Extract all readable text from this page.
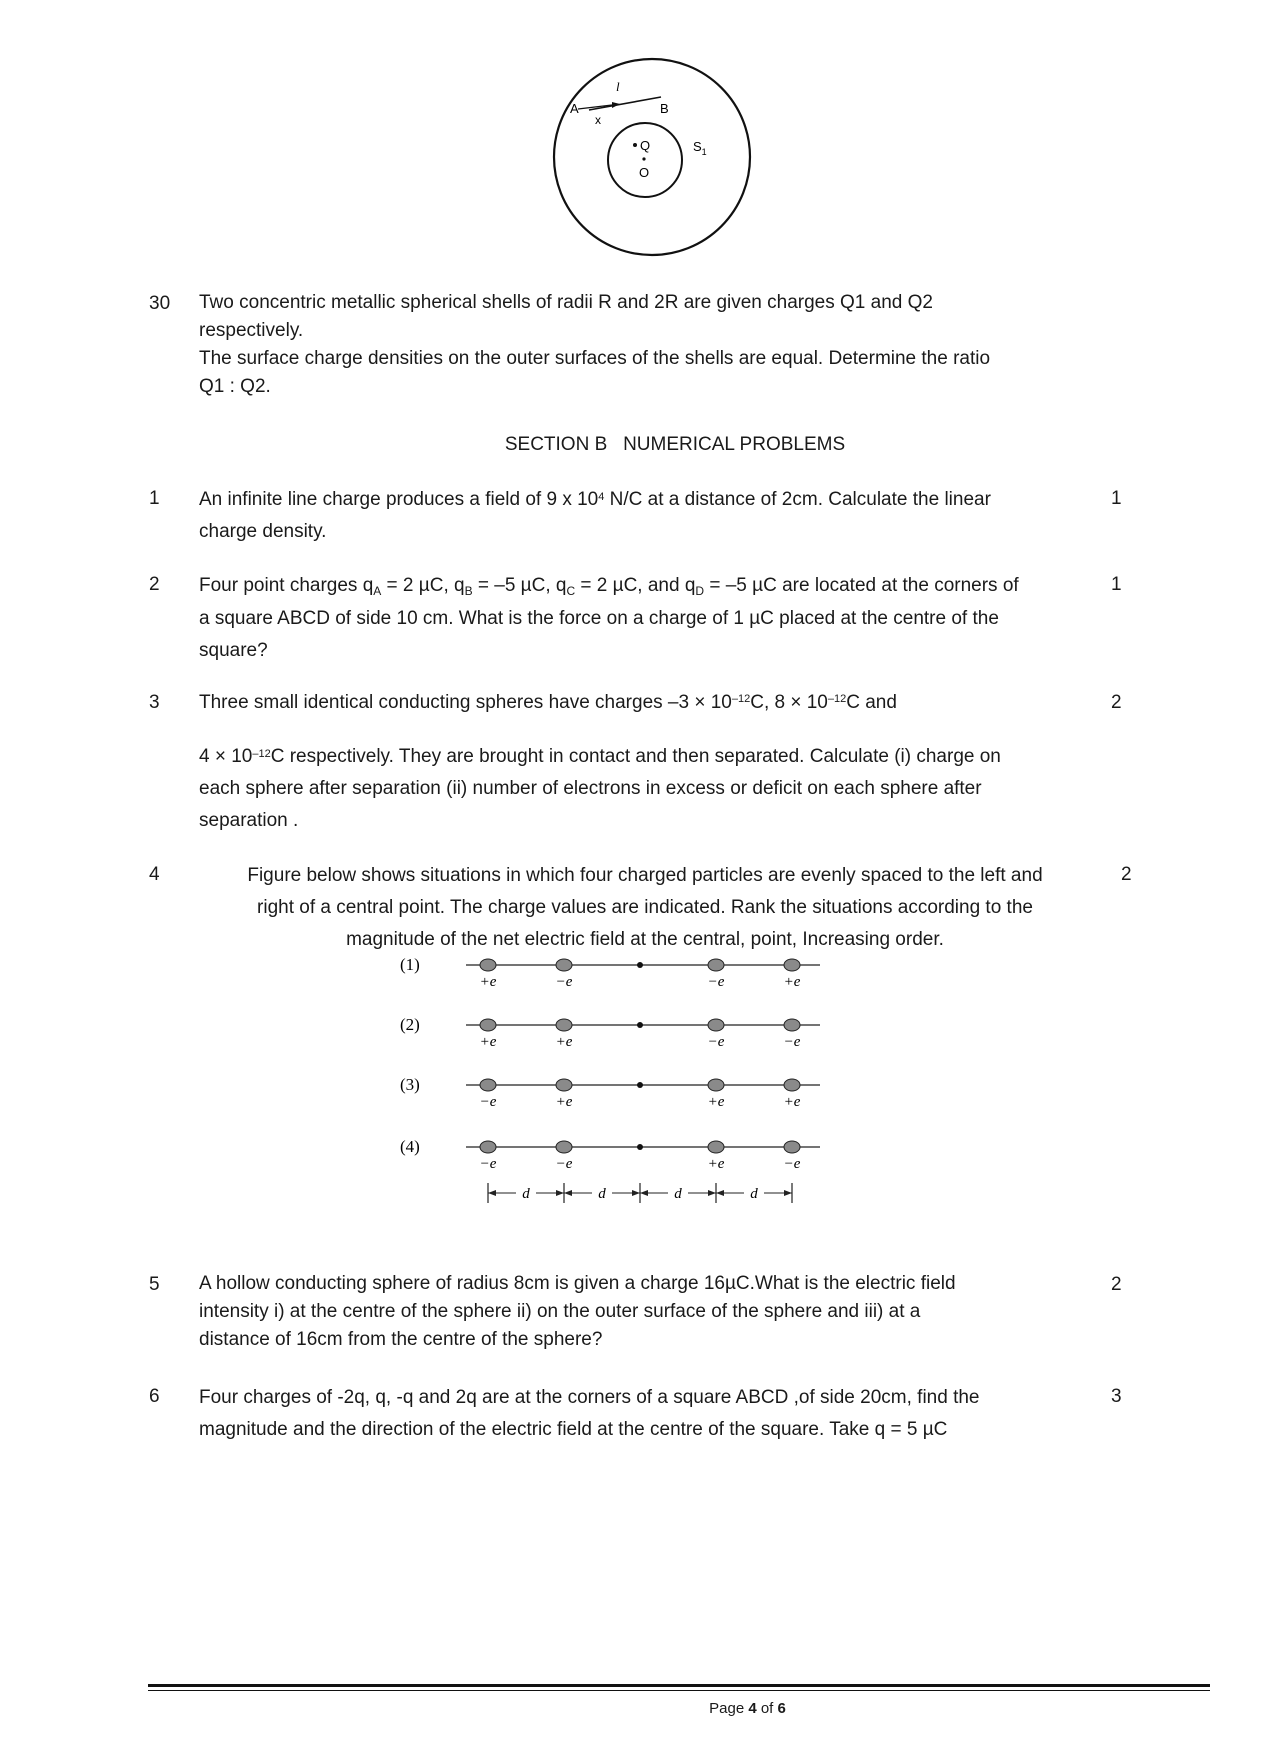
A	B
l
x
Q
O
$S_1$
30 Two concentric metallic spherical shells of radii R and 2R are given charges Q1 and Q2
respectively.
The surface charge densities on the outer surfaces of the shells are equal. Determine the ratio
Q1 : Q2.
SECTION B   NUMERICAL PROBLEMS
1 An infinite line charge produces a field of 9 x $10^4$ N/C at a distance of 2cm. Calculate the linear
charge density.
1
2 Four point charges $q_A = 2$ µC, $q_B = -5$ µC, $q_C = 2$ µC, and $q_D = -5$ µC are located at the corners of
a square ABCD of side 10 cm. What is the force on a charge of 1 µC placed at the centre of the
square?
1
3 Three small identical conducting spheres have charges $-3 \times 10^{-12}C$, $8 \times 10^{-12}C$ and
$4 \times 10^{-12}C$ respectively. They are brought in contact and then separated. Calculate (i) charge on
each sphere after separation (ii) number of electrons in excess or deficit on each sphere after
separation .
2
4	Figure below shows situations in which four charged particles are evenly spaced to the left and
right of a central point. The charge values are indicated. Rank the situations according to the
magnitude of the net electric field at the central, point, Increasing order.
2
(1)
+e	−e	−e	+e
(2)
+e	+e	−e	−e
(3)
−e	+e	+e	+e
(4)
−e	−e	+e	−e
d	d	d	d
5 A hollow conducting sphere of radius 8cm is given a charge 16µC.What is the electric field
intensity i) at the centre of the sphere ii) on the outer surface of the sphere and iii) at a
distance of 16cm from the centre of the sphere?
2
6 Four charges of -2q, q, -q and 2q are at the corners of a square ABCD ,of side 20cm, find the
magnitude and the direction of the electric field at the centre of the square. Take q = 5 µC
3
Page 4 of 6
